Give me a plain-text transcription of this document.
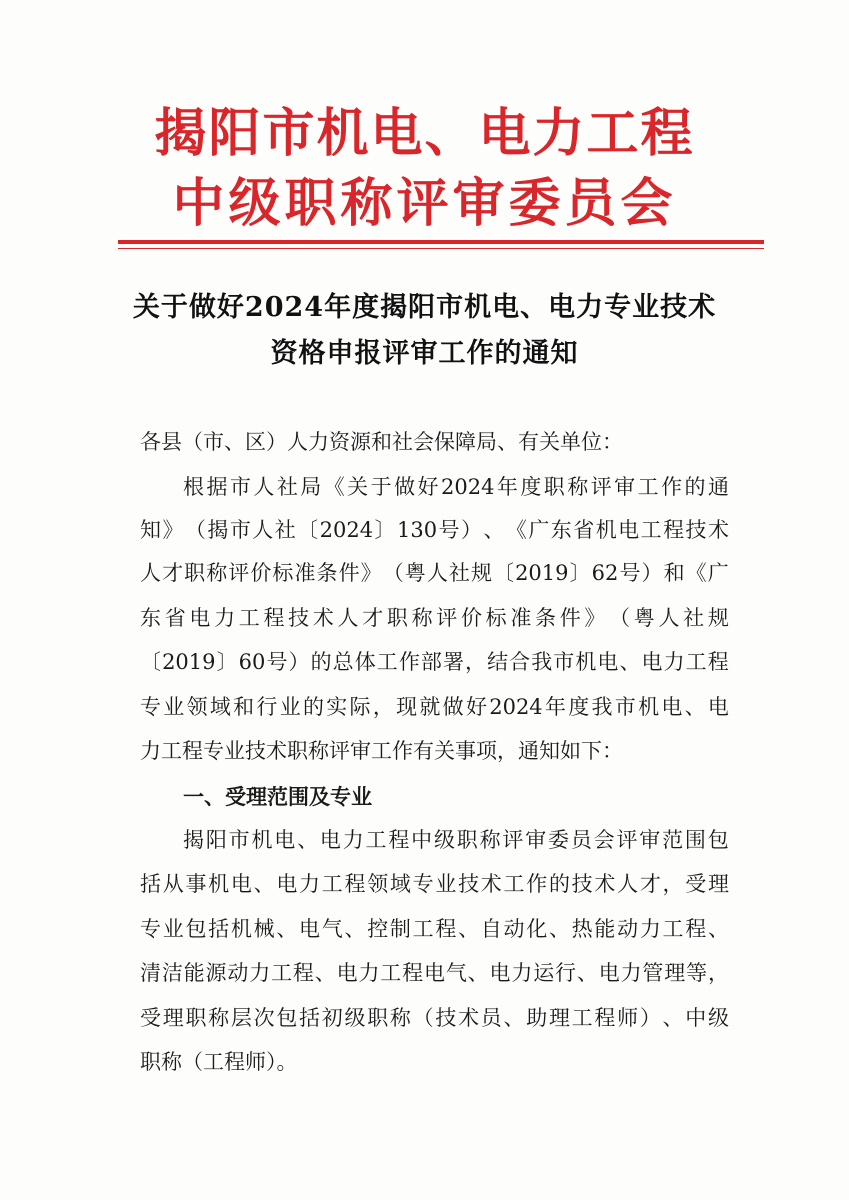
揭阳市机电、电力工程
中级职称评审委员会
关于做好2024年度揭阳市机电、电力专业技术
资格申报评审工作的通知
各县（市、区）人力资源和社会保障局、有关单位：
根 据 市 人 社 局 《 关 于 做 好 2024 年 度 职 称 评 审 工 作 的 通
知 》 （ 揭 市 人 社 〔 2024 〕 130 号 ） 、 《 广 东 省 机 电 工 程 技 术
人 才 职 称 评 价 标 准 条 件 》 （ 粤 人 社 规 〔 2019 〕 62 号 ） 和 《 广
东 省 电 力 工 程 技 术 人 才 职 称 评 价 标 准 条 件 》 （ 粤 人 社 规
〔 2019 〕 60 号 ） 的 总 体 工 作 部 署 ， 结 合 我 市 机 电 、 电 力 工 程
专 业 领 域 和 行 业 的 实 际 ， 现 就 做 好 2024 年 度 我 市 机 电 、 电
力工程专业技术职称评审工作有关事项，通知如下：
一、受理范围及专业
揭 阳 市 机 电 、 电 力 工 程 中 级 职 称 评 审 委 员 会 评 审 范 围 包
括 从 事 机 电 、 电 力 工 程 领 域 专 业 技 术 工 作 的 技 术 人 才 ， 受 理
专 业 包 括 机 械 、 电 气 、 控 制 工 程 、 自 动 化 、 热 能 动 力 工 程 、
清 洁 能 源 动 力 工 程 、 电 力 工 程 电 气 、 电 力 运 行 、 电 力 管 理 等 ，
受 理 职 称 层 次 包 括 初 级 职 称 （ 技 术 员 、 助 理 工 程 师 ） 、 中 级
职称（工程师）。
